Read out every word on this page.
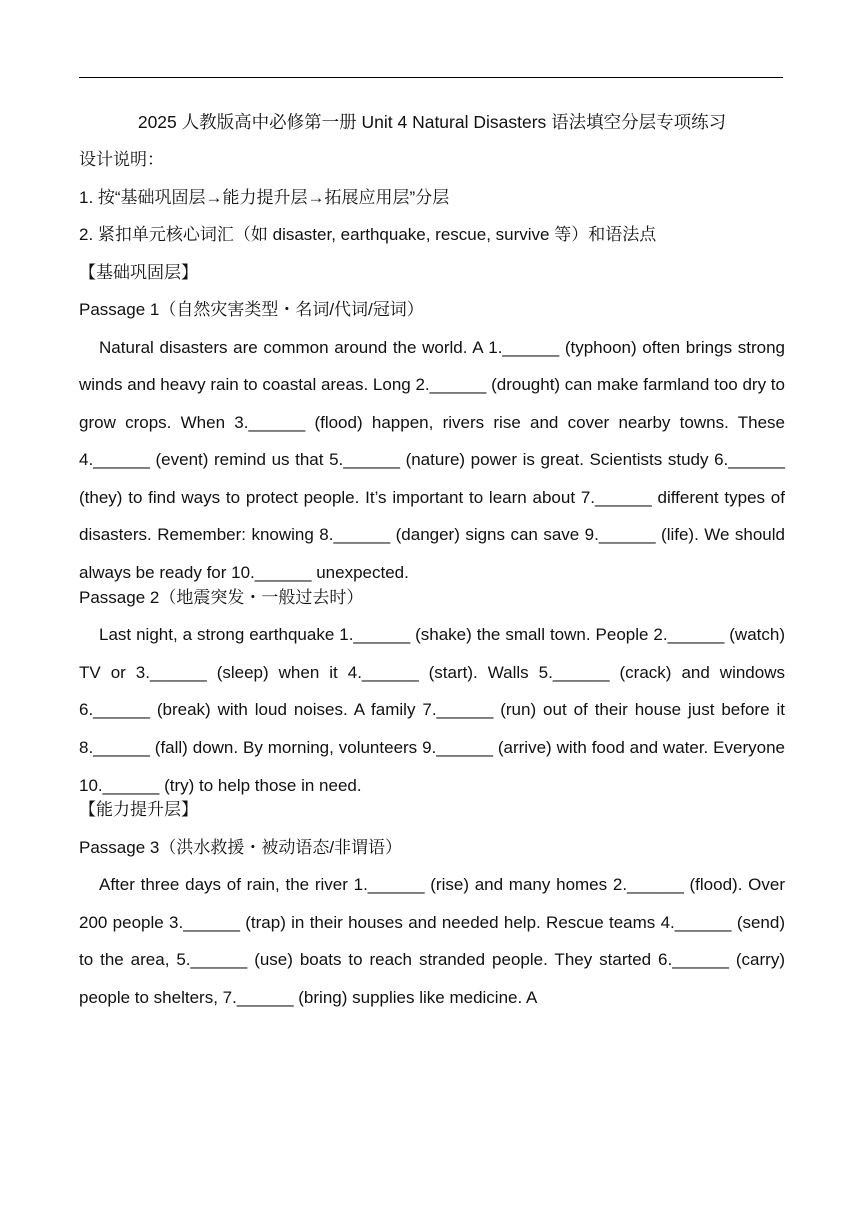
2025 人教版高中必修第一册 Unit 4 Natural Disasters 语法填空分层专项练习
设计说明：
1. 按“基础巩固层→能力提升层→拓展应用层”分层
2. 紧扣单元核心词汇（如 disaster, earthquake, rescue, survive 等）和语法点
【基础巩固层】
Passage 1（自然灾害类型・名词/代词/冠词）

Natural disasters are common around the world. A 1.______ (typhoon) often brings strong winds and heavy rain to coastal areas. Long 2.______ (drought) can make farmland too dry to grow crops. When 3.______ (flood) happen, rivers rise and cover nearby towns. These 4.______ (event) remind us that 5.______ (nature) power is great. Scientists study 6.______ (they) to find ways to protect people. It’s important to learn about 7.______ different types of disasters. Remember: knowing 8.______ (danger) signs can save 9.______ (life). We should always be ready for 10.______ unexpected.

Passage 2（地震突发・一般过去时）

Last night, a strong earthquake 1.______ (shake) the small town. People 2.______ (watch) TV or 3.______ (sleep) when it 4.______ (start). Walls 5.______ (crack) and windows 6.______ (break) with loud noises. A family 7.______ (run) out of their house just before it 8.______ (fall) down. By morning, volunteers 9.______ (arrive) with food and water. Everyone 10.______ (try) to help those in need.

【能力提升层】
Passage 3（洪水救援・被动语态/非谓语）

After three days of rain, the river 1.______ (rise) and many homes 2.______ (flood). Over 200 people 3.______ (trap) in their houses and needed help. Rescue teams 4.______ (send) to the area, 5.______ (use) boats to reach stranded people. They started 6.______ (carry) people to shelters, 7.______ (bring) supplies like medicine. A
